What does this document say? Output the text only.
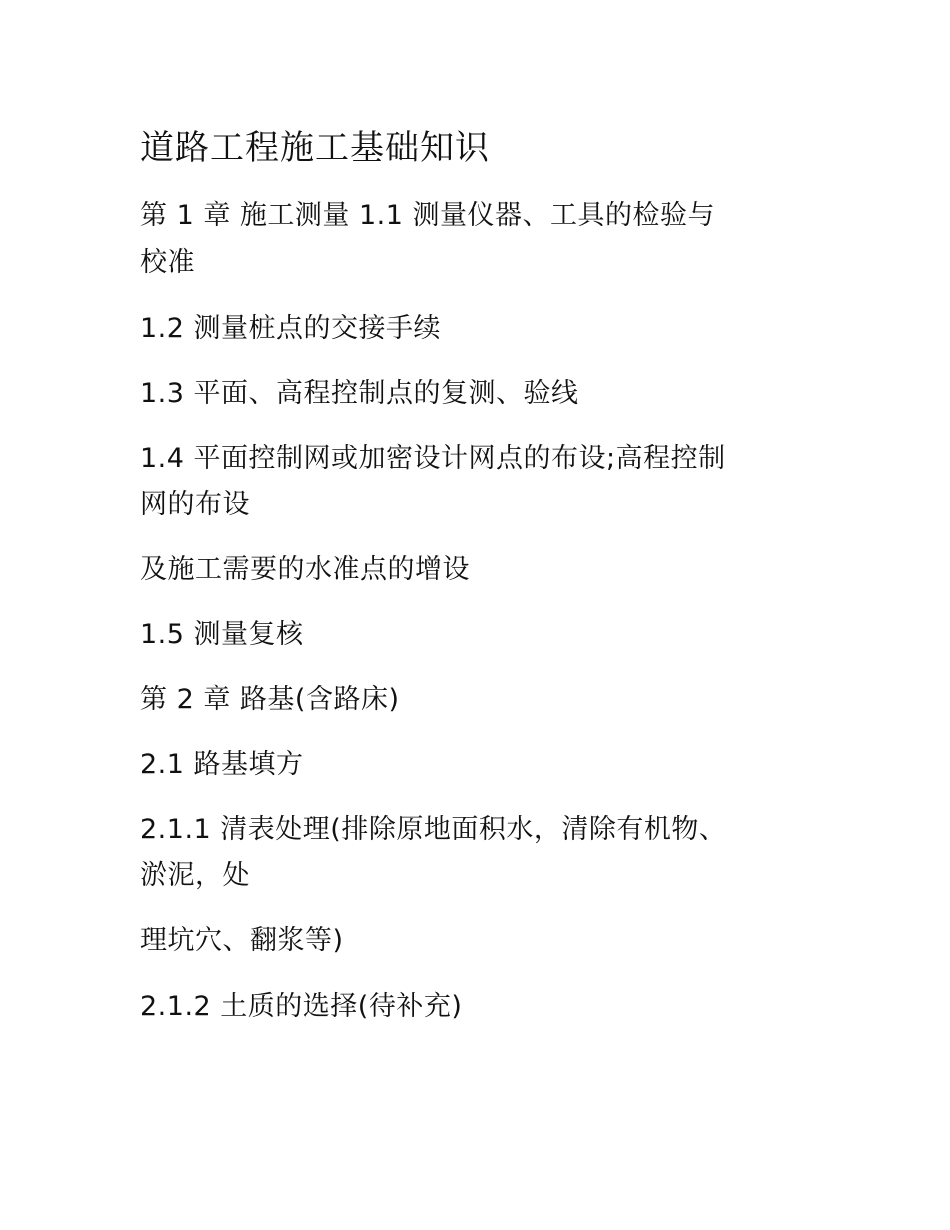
道路工程施工基础知识
第 1 章 施工测量 1.1 测量仪器、工具的检验与
校准
1.2 测量桩点的交接手续
1.3 平面、高程控制点的复测、验线
1.4 平面控制网或加密设计网点的布设;高程控制
网的布设
及施工需要的水准点的增设
1.5 测量复核
第 2 章 路基(含路床)
2.1 路基填方
2.1.1 清表处理(排除原地面积水，清除有机物、
淤泥，处
理坑穴、翻浆等)
2.1.2 土质的选择(待补充)
